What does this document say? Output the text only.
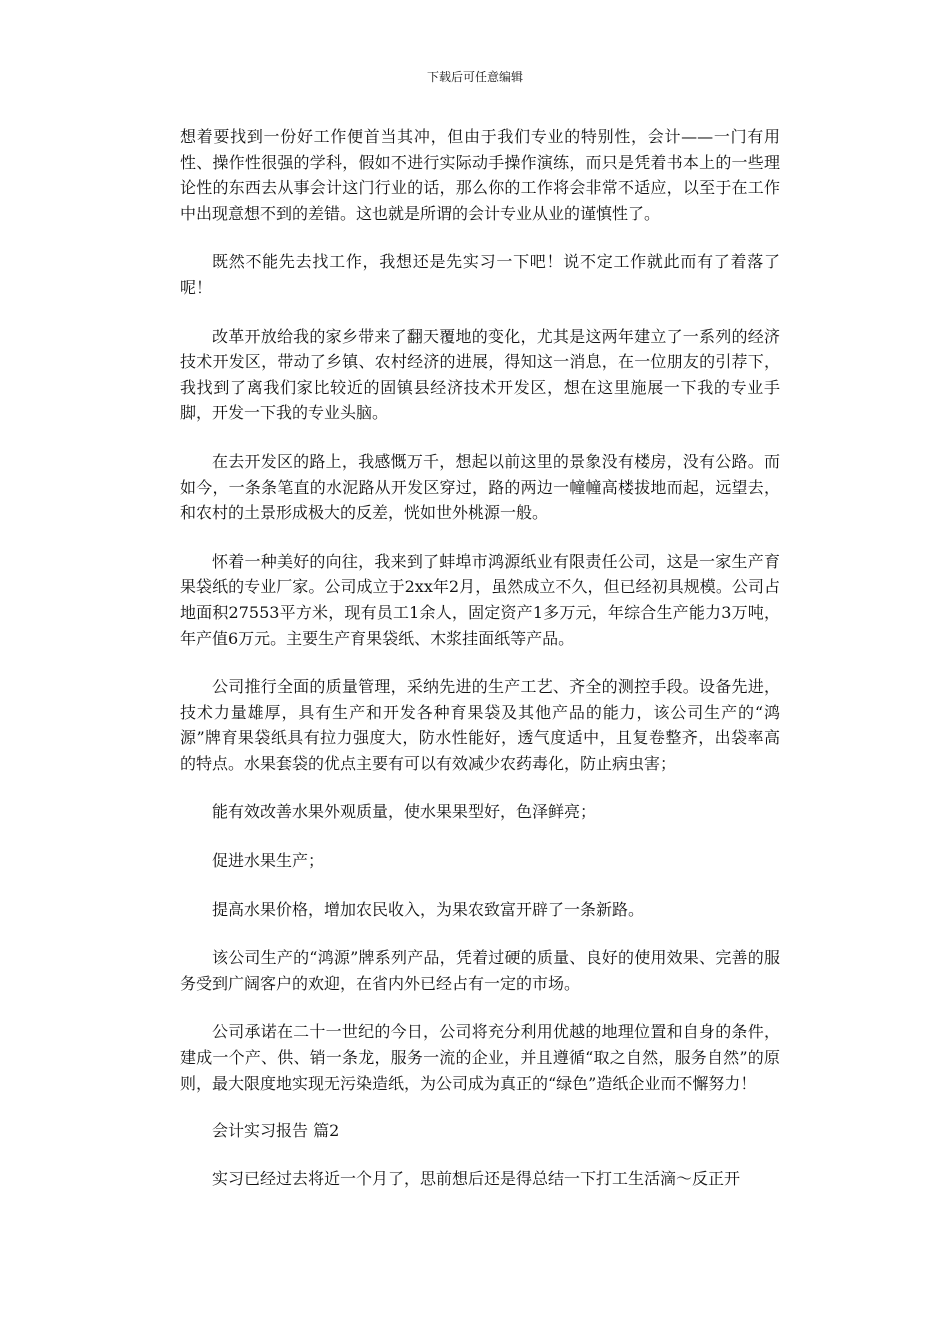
下载后可任意编辑

想着要找到一份好工作便首当其冲，但由于我们专业的特别性，会计——一门有用性、操作性很强的学科，假如不进行实际动手操作演练，而只是凭着书本上的一些理论性的东西去从事会计这门行业的话，那么你的工作将会非常不适应，以至于在工作中出现意想不到的差错。这也就是所谓的会计专业从业的谨慎性了。

既然不能先去找工作，我想还是先实习一下吧！说不定工作就此而有了着落了呢！

改革开放给我的家乡带来了翻天覆地的变化，尤其是这两年建立了一系列的经济技术开发区，带动了乡镇、农村经济的进展，得知这一消息，在一位朋友的引荐下，我找到了离我们家比较近的固镇县经济技术开发区，想在这里施展一下我的专业手脚，开发一下我的专业头脑。

在去开发区的路上，我感慨万千，想起以前这里的景象没有楼房，没有公路。而如今，一条条笔直的水泥路从开发区穿过，路的两边一幢幢高楼拔地而起，远望去，和农村的土景形成极大的反差，恍如世外桃源一般。

怀着一种美好的向往，我来到了蚌埠市鸿源纸业有限责任公司，这是一家生产育果袋纸的专业厂家。公司成立于2xx年2月，虽然成立不久，但已经初具规模。公司占地面积27553平方米，现有员工1余人，固定资产1多万元，年综合生产能力3万吨，年产值6万元。主要生产育果袋纸、木浆挂面纸等产品。

公司推行全面的质量管理，采纳先进的生产工艺、齐全的测控手段。设备先进，技术力量雄厚，具有生产和开发各种育果袋及其他产品的能力，该公司生产的“鸿源”牌育果袋纸具有拉力强度大，防水性能好，透气度适中，且复卷整齐，出袋率高的特点。水果套袋的优点主要有可以有效减少农药毒化，防止病虫害；

能有效改善水果外观质量，使水果果型好，色泽鲜亮；

促进水果生产；

提高水果价格，增加农民收入，为果农致富开辟了一条新路。

该公司生产的“鸿源”牌系列产品，凭着过硬的质量、良好的使用效果、完善的服务受到广阔客户的欢迎，在省内外已经占有一定的市场。

公司承诺在二十一世纪的今日，公司将充分利用优越的地理位置和自身的条件，建成一个产、供、销一条龙，服务一流的企业，并且遵循“取之自然，服务自然”的原则，最大限度地实现无污染造纸，为公司成为真正的“绿色”造纸企业而不懈努力！

会计实习报告 篇2

实习已经过去将近一个月了，思前想后还是得总结一下打工生活滴～反正开
